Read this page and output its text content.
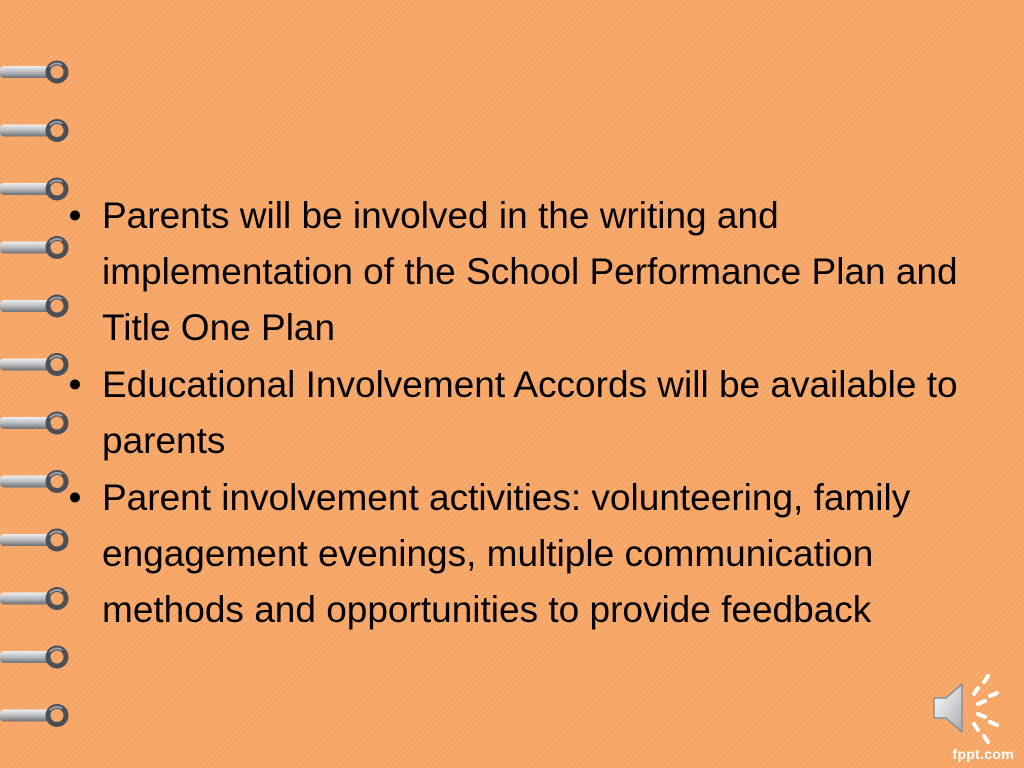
• Parents will be involved in the writing and implementation of the School Performance Plan and Title One Plan
• Educational Involvement Accords will be available to parents
• Parent involvement activities: volunteering, family engagement evenings, multiple communication methods and opportunities to provide feedback
fppt.com
